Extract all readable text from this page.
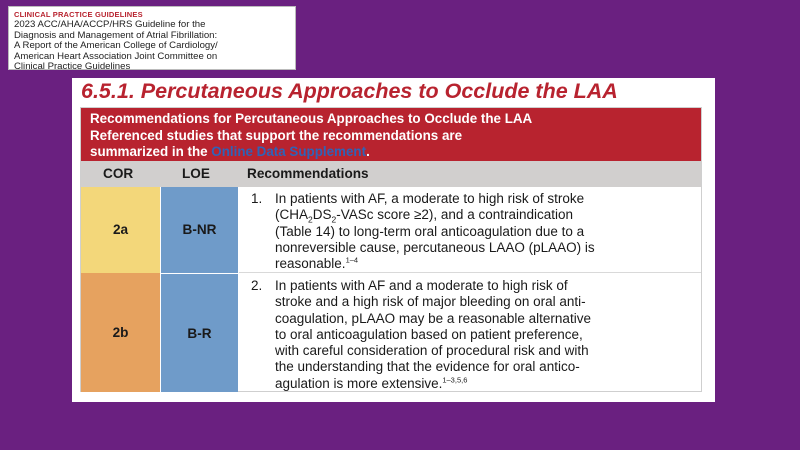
CLINICAL PRACTICE GUIDELINES
2023 ACC/AHA/ACCP/HRS Guideline for the
Diagnosis and Management of Atrial Fibrillation:
A Report of the American College of Cardiology/
American Heart Association Joint Committee on
Clinical Practice Guidelines
6.5.1. Percutaneous Approaches to Occlude the LAA
Recommendations for Percutaneous Approaches to Occlude the LAA
Referenced studies that support the recommendations are
summarized in the Online Data Supplement.
COR	LOE	Recommendations
2a	B-NR
1. In patients with AF, a moderate to high risk of stroke
($CHA_2DS_2$-VASc score ≥2), and a contraindication
(Table 14) to long-term oral anticoagulation due to a
nonreversible cause, percutaneous LAAO (pLAAO) is
reasonable.$^{1-4}$
2b	B-R
2. In patients with AF and a moderate to high risk of
stroke and a high risk of major bleeding on oral anti-
coagulation, pLAAO may be a reasonable alternative
to oral anticoagulation based on patient preference,
with careful consideration of procedural risk and with
the understanding that the evidence for oral antico-
agulation is more extensive.$^{1-3,5,6}$
